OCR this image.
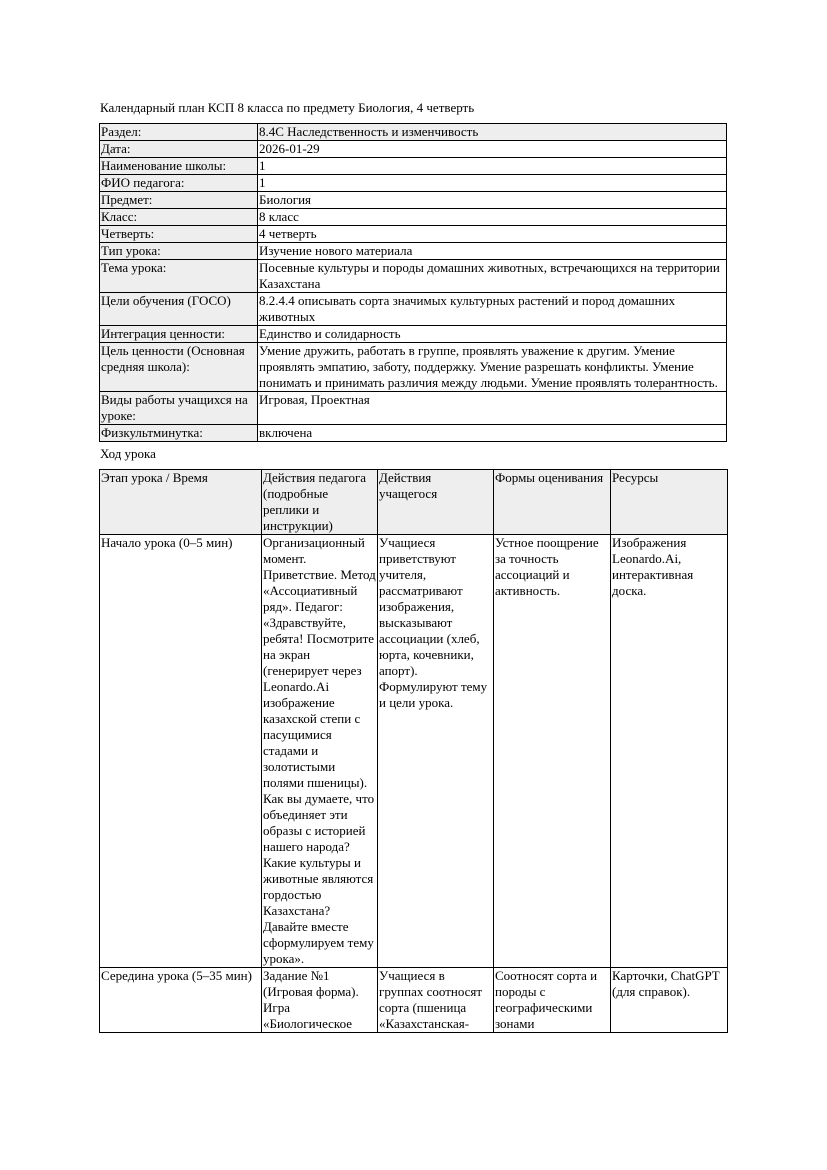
Календарный план КСП 8 класса по предмету Биология, 4 четверть
Раздел:	8.4C Наследственность и изменчивость
Дата:	2026-01-29
Наименование школы:	1
ФИО педагога:	1
Предмет:	Биология
Класс:	8 класс
Четверть:	4 четверть
Тип урока:	Изучение нового материала
Тема урока:	Посевные культуры и породы домашних животных, встречающихся на территории Казахстана
Цели обучения (ГОСО)	8.2.4.4 описывать сорта значимых культурных растений и пород домашних животных
Интеграция ценности:	Единство и солидарность
Цель ценности (Основная средняя школа):	Умение дружить, работать в группе, проявлять уважение к другим. Умение проявлять эмпатию, заботу, поддержку. Умение разрешать конфликты. Умение понимать и принимать различия между людьми. Умение проявлять толерантность.
Виды работы учащихся на уроке:	Игровая, Проектная
Физкультминутка:	включена
Ход урока
Этап урока / Время	Действия педагога (подробные реплики и инструкции)	Действия учащегося	Формы оценивания	Ресурсы
Начало урока (0–5 мин)	Организационный момент. Приветствие. Метод «Ассоциативный ряд». Педагог: «Здравствуйте, ребята! Посмотрите на экран (генерирует через Leonardo.Ai изображение казахской степи с пасущимися стадами и золотистыми полями пшеницы). Как вы думаете, что объединяет эти образы с историей нашего народа? Какие культуры и животные являются гордостью Казахстана? Давайте вместе сформулируем тему урока».	Учащиеся приветствуют учителя, рассматривают изображения, высказывают ассоциации (хлеб, юрта, кочевники, апорт). Формулируют тему и цели урока.	Устное поощрение за точность ассоциаций и активность.	Изображения Leonardo.Ai, интерактивная доска.
Середина урока (5–35 мин)	Задание №1 (Игровая форма). Игра «Биологическое	Учащиеся в группах соотносят сорта (пшеница «Казахстанская-	Соотносят сорта и породы с географическими зонами	Карточки, ChatGPT (для справок).
